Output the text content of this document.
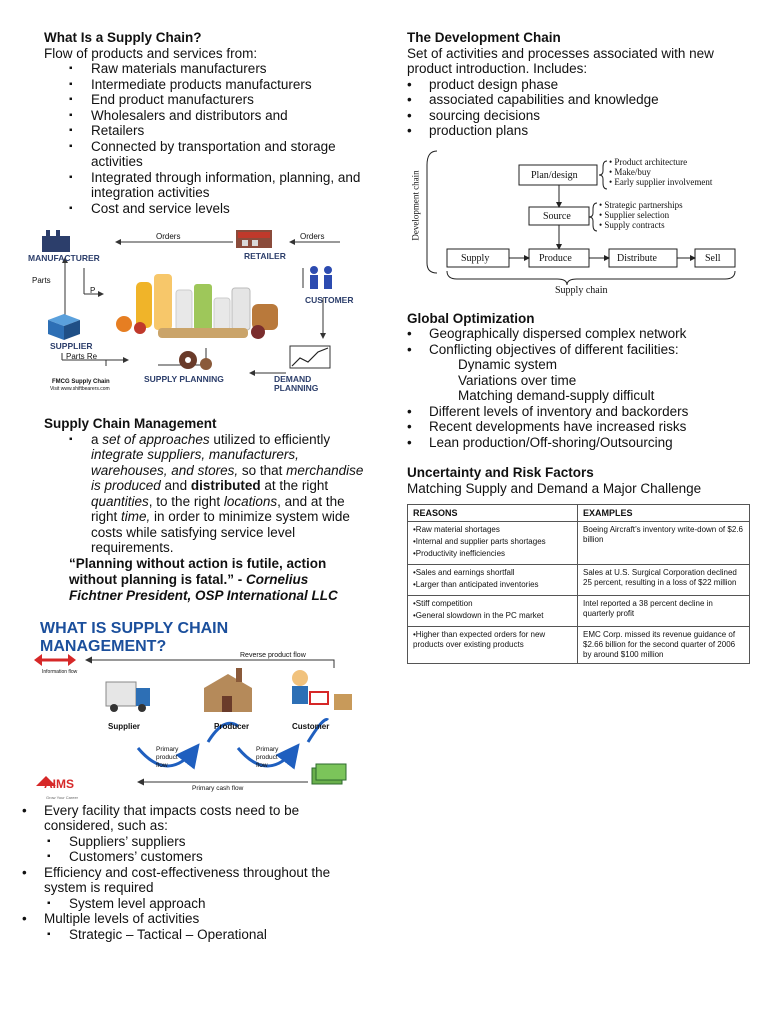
What Is a Supply Chain?

Flow of products and services from:

▪ Raw materials manufacturers
▪ Intermediate products manufacturers
▪ End product manufacturers
▪ Wholesalers and distributors and
▪ Retailers
▪ Connected by transportation and storage activities
▪ Integrated through information, planning, and integration activities
▪ Cost and service levels
MANUFACTURER	RETAILER
CUSTOMER
SUPPLIER
SUPPLY PLANNING	DEMAND PLANNING
Orders	Orders
Parts
P
Parts Re
FMCG Supply Chain
Visit www.shiftbearers.com
Supply Chain Management
▪ a set of approaches utilized to efficiently integrate suppliers, manufacturers, warehouses, and stores, so that merchandise is produced and distributed at the right quantities, to the right locations, and at the right time, in order to minimize system wide costs while satisfying service level requirements.

“Planning without action is futile, action without planning is fatal.” - Cornelius Fichtner President, OSP International LLC

WHAT IS SUPPLY CHAIN MANAGEMENT?
Reverse product flow
Information flow
Supplier	Producer	Customer
Primary product flow
Primary product flow
Primary cash flow
AIMS
Grow Your Career
• Every facility that impacts costs need to be considered, such as:
▪ Suppliers’ suppliers
▪ Customers’ customers
• Efficiency and cost-effectiveness throughout the system is required
▪ System level approach
• Multiple levels of activities
▪ Strategic – Tactical – Operational
The Development Chain

Set of activities and processes associated with new product introduction. Includes:

• product design phase
• associated capabilities and knowledge
• sourcing decisions
• production plans
Development chain	Plan/design
Source
Supply	Produce	Distribute	Sell
Supply chain
• Product architecture
• Make/buy
• Early supplier involvement
• Strategic partnerships
• Supplier selection
• Supply contracts
Global Optimization
• Geographically dispersed complex network
• Conflicting objectives of different facilities:
Dynamic system
Variations over time
Matching demand-supply difficult
• Different levels of inventory and backorders
• Recent developments have increased risks
• Lean production/Off-shoring/Outsourcing
Uncertainty and Risk Factors

Matching Supply and Demand a Major Challenge

REASONS	EXAMPLES

•Raw material shortages
•Internal and supplier parts shortages
•Productivity inefficiencies	Boeing Aircraft’s inventory write-down of $2.6 billion

•Sales and earnings shortfall
•Larger than anticipated inventories	Sales at U.S. Surgical Corporation declined 25 percent, resulting in a loss of $22 million

•Stiff competition
•General slowdown in the PC market	Intel reported a 38 percent decline in quarterly profit

•Higher than expected orders for new products over existing products	EMC Corp. missed its revenue guidance of $2.66 billion for the second quarter of 2006 by around $100 million
